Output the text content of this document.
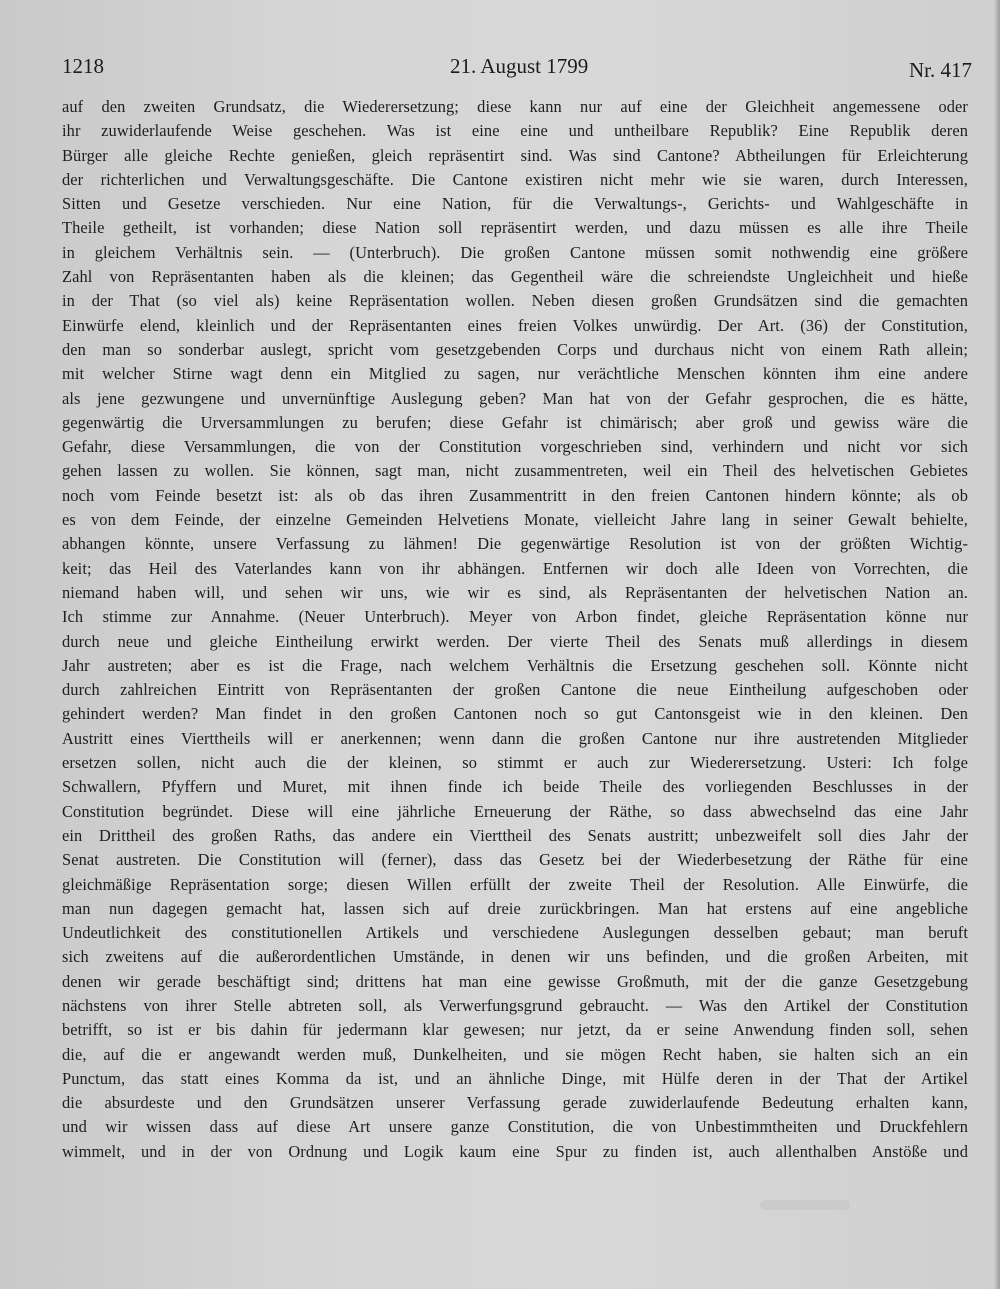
1218	21. August 1799	Nr. 417
auf den zweiten Grundsatz, die Wiederersetzung; diese kann nur auf eine der Gleichheit angemessene oder
ihr zuwiderlaufende Weise geschehen. Was ist eine eine und untheilbare Republik? Eine Republik deren
Bürger alle gleiche Rechte genießen, gleich repräsentirt sind. Was sind Cantone? Abtheilungen für Erleichterung
der richterlichen und Verwaltungsgeschäfte. Die Cantone existiren nicht mehr wie sie waren, durch Interessen,
Sitten und Gesetze verschieden. Nur eine Nation, für die Verwaltungs-, Gerichts- und Wahlgeschäfte in
Theile getheilt, ist vorhanden; diese Nation soll repräsentirt werden, und dazu müssen es alle ihre Theile
in gleichem Verhältnis sein. — (Unterbruch). Die großen Cantone müssen somit nothwendig eine größere
Zahl von Repräsentanten haben als die kleinen; das Gegentheil wäre die schreiendste Ungleichheit und hieße
in der That (so viel als) keine Repräsentation wollen. Neben diesen großen Grundsätzen sind die gemachten
Einwürfe elend, kleinlich und der Repräsentanten eines freien Volkes unwürdig. Der Art. (36) der Constitution,
den man so sonderbar auslegt, spricht vom gesetzgebenden Corps und durchaus nicht von einem Rath allein;
mit welcher Stirne wagt denn ein Mitglied zu sagen, nur verächtliche Menschen könnten ihm eine andere
als jene gezwungene und unvernünftige Auslegung geben? Man hat von der Gefahr gesprochen, die es hätte,
gegenwärtig die Urversammlungen zu berufen; diese Gefahr ist chimärisch; aber groß und gewiss wäre die
Gefahr, diese Versammlungen, die von der Constitution vorgeschrieben sind, verhindern und nicht vor sich
gehen lassen zu wollen. Sie können, sagt man, nicht zusammentreten, weil ein Theil des helvetischen Gebietes
noch vom Feinde besetzt ist: als ob das ihren Zusammentritt in den freien Cantonen hindern könnte; als ob
es von dem Feinde, der einzelne Gemeinden Helvetiens Monate, vielleicht Jahre lang in seiner Gewalt behielte,
abhangen könnte, unsere Verfassung zu lähmen! Die gegenwärtige Resolution ist von der größten Wichtig-
keit; das Heil des Vaterlandes kann von ihr abhängen. Entfernen wir doch alle Ideen von Vorrechten, die
niemand haben will, und sehen wir uns, wie wir es sind, als Repräsentanten der helvetischen Nation an.
Ich stimme zur Annahme. (Neuer Unterbruch). Meyer von Arbon findet, gleiche Repräsentation könne nur
durch neue und gleiche Eintheilung erwirkt werden. Der vierte Theil des Senats muß allerdings in diesem
Jahr austreten; aber es ist die Frage, nach welchem Verhältnis die Ersetzung geschehen soll. Könnte nicht
durch zahlreichen Eintritt von Repräsentanten der großen Cantone die neue Eintheilung aufgeschoben oder
gehindert werden? Man findet in den großen Cantonen noch so gut Cantonsgeist wie in den kleinen. Den
Austritt eines Vierttheils will er anerkennen; wenn dann die großen Cantone nur ihre austretenden Mitglieder
ersetzen sollen, nicht auch die der kleinen, so stimmt er auch zur Wiederersetzung. Usteri: Ich folge
Schwallern, Pfyffern und Muret, mit ihnen finde ich beide Theile des vorliegenden Beschlusses in der
Constitution begründet. Diese will eine jährliche Erneuerung der Räthe, so dass abwechselnd das eine Jahr
ein Drittheil des großen Raths, das andere ein Vierttheil des Senats austritt; unbezweifelt soll dies Jahr der
Senat austreten. Die Constitution will (ferner), dass das Gesetz bei der Wiederbesetzung der Räthe für eine
gleichmäßige Repräsentation sorge; diesen Willen erfüllt der zweite Theil der Resolution. Alle Einwürfe, die
man nun dagegen gemacht hat, lassen sich auf dreie zurückbringen. Man hat erstens auf eine angebliche
Undeutlichkeit des constitutionellen Artikels und verschiedene Auslegungen desselben gebaut; man beruft
sich zweitens auf die außerordentlichen Umstände, in denen wir uns befinden, und die großen Arbeiten, mit
denen wir gerade beschäftigt sind; drittens hat man eine gewisse Großmuth, mit der die ganze Gesetzgebung
nächstens von ihrer Stelle abtreten soll, als Verwerfungsgrund gebraucht. — Was den Artikel der Constitution
betrifft, so ist er bis dahin für jedermann klar gewesen; nur jetzt, da er seine Anwendung finden soll, sehen
die, auf die er angewandt werden muß, Dunkelheiten, und sie mögen Recht haben, sie halten sich an ein
Punctum, das statt eines Komma da ist, und an ähnliche Dinge, mit Hülfe deren in der That der Artikel
die absurdeste und den Grundsätzen unserer Verfassung gerade zuwiderlaufende Bedeutung erhalten kann,
und wir wissen dass auf diese Art unsere ganze Constitution, die von Unbestimmtheiten und Druckfehlern
wimmelt, und in der von Ordnung und Logik kaum eine Spur zu finden ist, auch allenthalben Anstöße und
